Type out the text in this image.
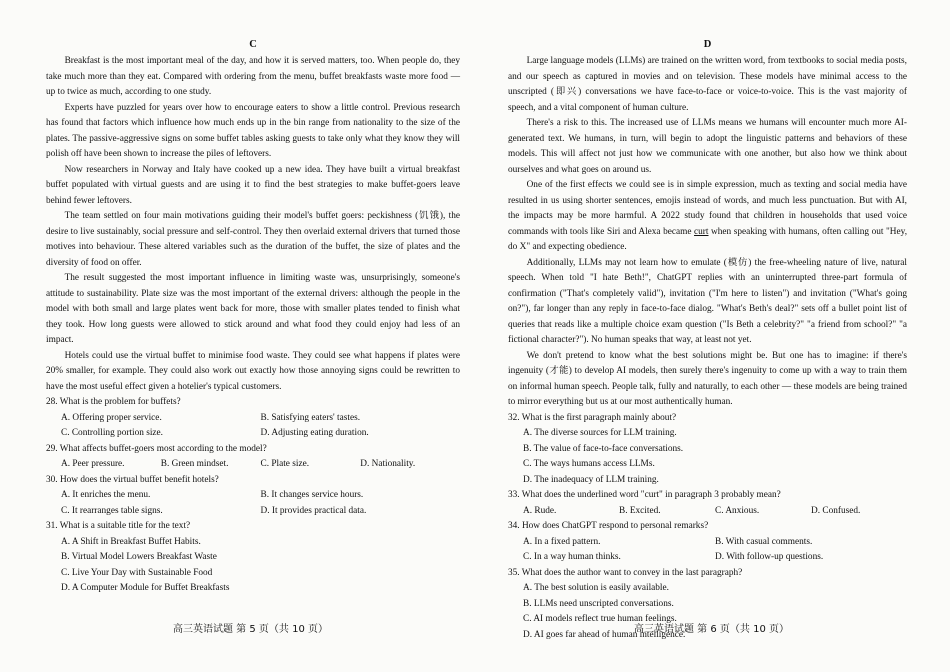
C

Breakfast is the most important meal of the day, and how it is served matters, too. When people do, they take much more than they eat. Compared with ordering from the menu, buffet breakfasts waste more food — up to twice as much, according to one study.

Experts have puzzled for years over how to encourage eaters to show a little control. Previous research has found that factors which influence how much ends up in the bin range from nationality to the size of the plates. The passive-aggressive signs on some buffet tables asking guests to take only what they know they will polish off have been shown to increase the piles of leftovers.

Now researchers in Norway and Italy have cooked up a new idea. They have built a virtual breakfast buffet populated with virtual guests and are using it to find the best strategies to make buffet-goers leave behind fewer leftovers.

The team settled on four main motivations guiding their model's buffet goers: peckishness (饥饿), the desire to live sustainably, social pressure and self-control. They then overlaid external drivers that turned those motives into behaviour. These altered variables such as the duration of the buffet, the size of plates and the diversity of food on offer.

The result suggested the most important influence in limiting waste was, unsurprisingly, someone's attitude to sustainability. Plate size was the most important of the external drivers: although the people in the model with both small and large plates went back for more, those with smaller plates tended to finish what they took. How long guests were allowed to stick around and what food they could enjoy had less of an impact.

Hotels could use the virtual buffet to minimise food waste. They could see what happens if plates were 20% smaller, for example. They could also work out exactly how those annoying signs could be rewritten to have the most useful effect given a hotelier's typical customers.

28. What is the problem for buffets?
A. Offering proper service.	B. Satisfying eaters' tastes.
C. Controlling portion size.	D. Adjusting eating duration.
29. What affects buffet-goers most according to the model?
A. Peer pressure.	B. Green mindset.	C. Plate size.	D. Nationality.
30. How does the virtual buffet benefit hotels?
A. It enriches the menu.	B. It changes service hours.
C. It rearranges table signs.	D. It provides practical data.
31. What is a suitable title for the text?
A. A Shift in Breakfast Buffet Habits.
B. Virtual Model Lowers Breakfast Waste
C. Live Your Day with Sustainable Food
D. A Computer Module for Buffet Breakfasts
高三英语试题 第 5 页（共 10 页）
D

Large language models (LLMs) are trained on the written word, from textbooks to social media posts, and our speech as captured in movies and on television. These models have minimal access to the unscripted (即兴) conversations we have face-to-face or voice-to-voice. This is the vast majority of speech, and a vital component of human culture.

There's a risk to this. The increased use of LLMs means we humans will encounter much more AI-generated text. We humans, in turn, will begin to adopt the linguistic patterns and behaviors of these models. This will affect not just how we communicate with one another, but also how we think about ourselves and what goes on around us.

One of the first effects we could see is in simple expression, much as texting and social media have resulted in us using shorter sentences, emojis instead of words, and much less punctuation. But with AI, the impacts may be more harmful. A 2022 study found that children in households that used voice commands with tools like Siri and Alexa became curt when speaking with humans, often calling out "Hey, do X" and expecting obedience.

Additionally, LLMs may not learn how to emulate (模仿) the free-wheeling nature of live, natural speech. When told "I hate Beth!", ChatGPT replies with an uninterrupted three-part formula of confirmation ("That's completely valid"), invitation ("I'm here to listen") and invitation ("What's going on?"), far longer than any reply in face-to-face dialog. "What's Beth's deal?" sets off a bullet point list of queries that reads like a multiple choice exam question ("Is Beth a celebrity?" "a friend from school?" "a fictional character?"). No human speaks that way, at least not yet.

We don't pretend to know what the best solutions might be. But one has to imagine: if there's ingenuity (才能) to develop AI models, then surely there's ingenuity to come up with a way to train them on informal human speech. People talk, fully and naturally, to each other — these models are being trained to mirror everything but us at our most authentically human.

32. What is the first paragraph mainly about?
A. The diverse sources for LLM training.
B. The value of face-to-face conversations.
C. The ways humans access LLMs.
D. The inadequacy of LLM training.
33. What does the underlined word "curt" in paragraph 3 probably mean?
A. Rude.	B. Excited.	C. Anxious.	D. Confused.
34. How does ChatGPT respond to personal remarks?
A. In a fixed pattern.	B. With casual comments.
C. In a way human thinks.	D. With follow-up questions.
35. What does the author want to convey in the last paragraph?
A. The best solution is easily available.
B. LLMs need unscripted conversations.
C. AI models reflect true human feelings.
D. AI goes far ahead of human intelligence.
高三英语试题 第 6 页（共 10 页）
